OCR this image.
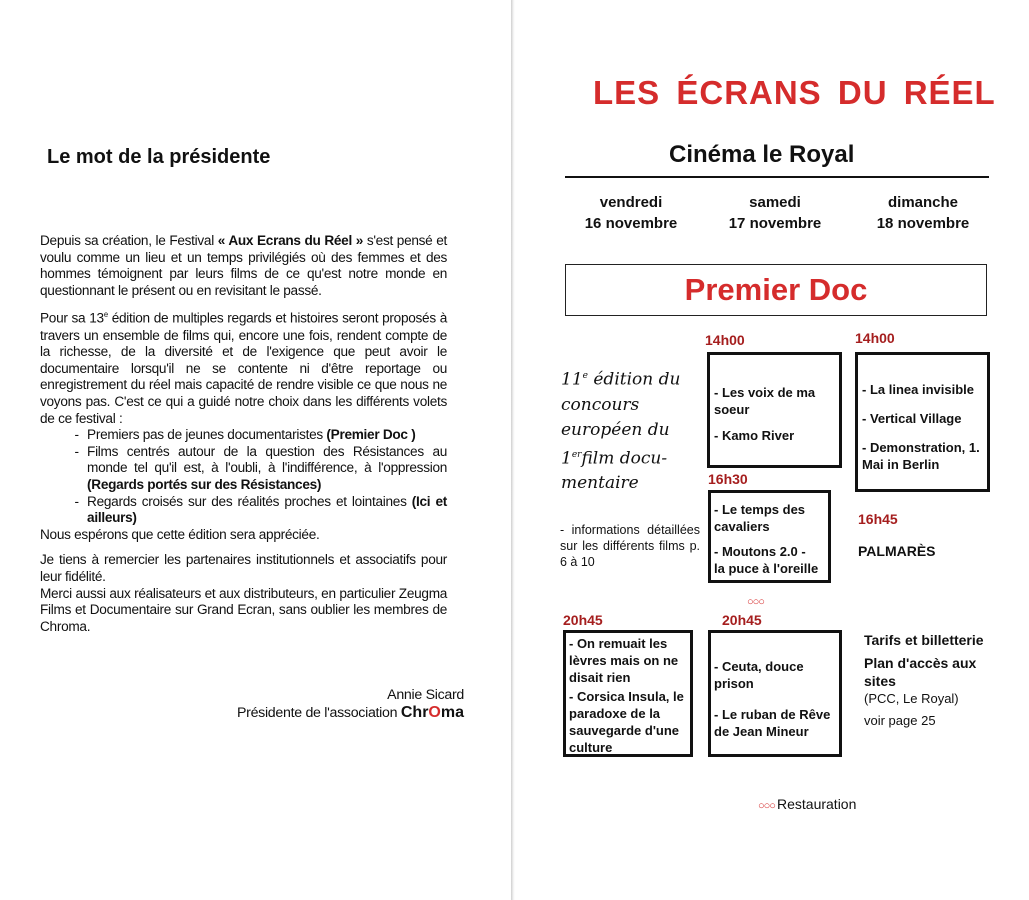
Le mot de la présidente

Depuis sa création, le Festival « Aux Ecrans du Réel » s'est pensé et voulu comme un lieu et un temps privilégiés où des femmes et des hommes témoignent par leurs films de ce qu'est notre monde en questionnant le présent ou en revisitant le passé.

Pour sa 13e édition de multiples regards et histoires seront proposés à travers un ensemble de films qui, encore une fois, rendent compte de la richesse, de la diversité et de l'exigence que peut avoir le documentaire lorsqu'il ne se contente ni d'être reportage ou enregistrement du réel mais capacité de rendre visible ce que nous ne voyons pas. C'est ce qui a guidé notre choix dans les différents volets de ce festival :

- Premiers pas de jeunes documentaristes (Premier Doc )
- Films centrés autour de la question des Résistances au monde tel qu'il est, à l'oubli, à l'indifférence, à l'oppression (Regards portés sur des Résistances)
- Regards croisés sur des réalités proches et lointaines (Ici et ailleurs)

Nous espérons que cette édition sera appréciée.

Je tiens à remercier les partenaires institutionnels et associatifs pour leur fidélité.

Merci aussi aux réalisateurs et aux distributeurs, en particulier Zeugma Films et Documentaire sur Grand Ecran, sans oublier les membres de Chroma.

Annie Sicard
Présidente de l'association ChrOma
LES ÉCRANS DU RÉEL
Cinéma le Royal
vendredi
16 novembre
samedi
17 novembre
dimanche
18 novembre
Premier Doc
11e édition du concours européen du 1erfilm docu-mentaire
- informations détaillées sur les différents films p. 6 à 10
14h00
- Les voix de ma soeur
- Kamo River
14h00
- La linea invisible
- Vertical Village
- Demonstration, 1. Mai in Berlin
16h30
- Le temps des cavaliers
- Moutons 2.0 - la puce à l'oreille
○○○
16h45
PALMARÈS
20h45
- On remuait les lèvres mais on ne disait rien
- Corsica Insula, le paradoxe de la sauvegarde d'une culture
20h45
- Ceuta, douce prison
- Le ruban de Rêve de Jean Mineur
Tarifs et billetterie
Plan d'accès aux sites
(PCC, Le Royal)
voir page 25
○○○ Restauration
